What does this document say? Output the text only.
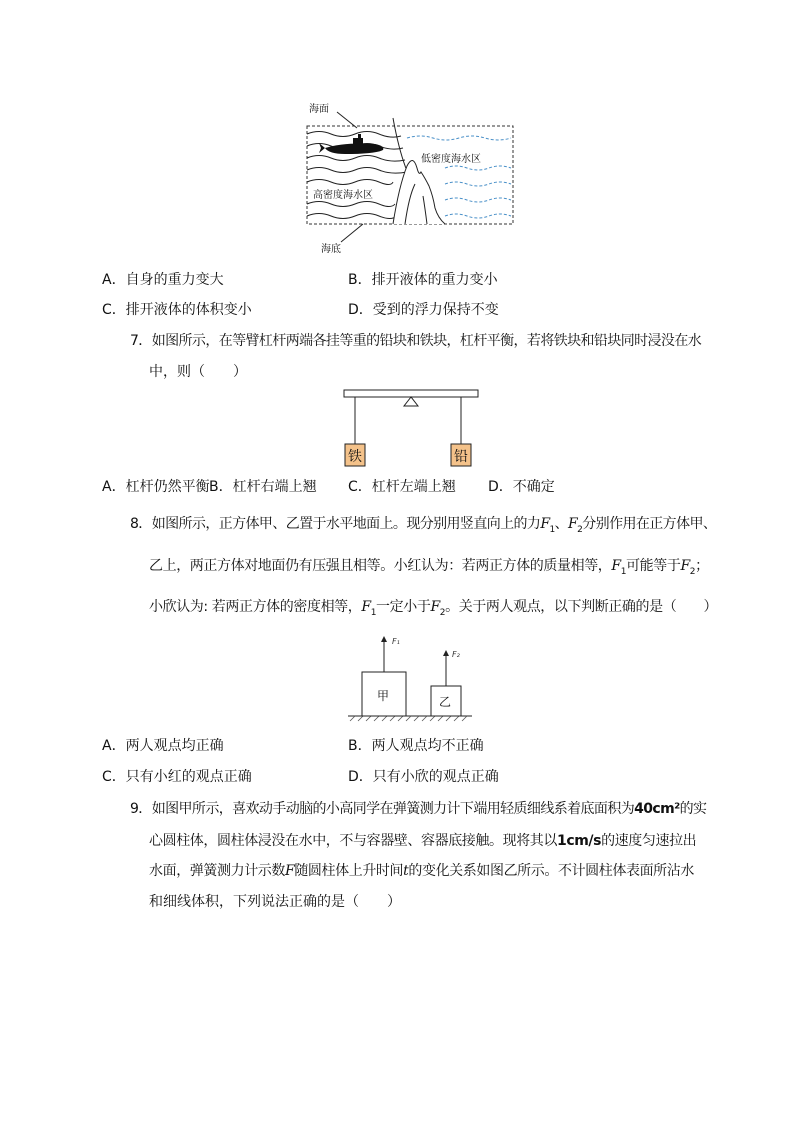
海面
海底
低密度海水区
高密度海水区
A．自身的重力变大	B．排开液体的重力变小
C．排开液体的体积变小	D．受到的浮力保持不变
7．如图所示，在等臂杠杆两端各挂等重的铅块和铁块，杠杆平衡，若将铁块和铅块同时浸没在水
中，则（　　）
铁	铅
A．杠杆仍然平衡 B．杠杆右端上翘 C．杠杆左端上翘 D．不确定
8．如图所示，正方体甲、乙置于水平地面上。现分别用竖直向上的力$F_1$、$F_2$分别作用在正方体甲、
乙上，两正方体对地面仍有压强且相等。小红认为：若两正方体的质量相等，$F_1$可能等于$F_2$；
小欣认为: 若两正方体的密度相等，$F_1$一定小于$F_2$。关于两人观点，以下判断正确的是（　　）
甲	乙
F₁
F₂
A．两人观点均正确	B．两人观点均不正确
C．只有小红的观点正确	D．只有小欣的观点正确
9．如图甲所示，喜欢动手动脑的小高同学在弹簧测力计下端用轻质细线系着底面积为40cm²的实
心圆柱体，圆柱体浸没在水中，不与容器壁、容器底接触。现将其以1cm/s的速度匀速拉出
水面，弹簧测力计示数F随圆柱体上升时间t的变化关系如图乙所示。不计圆柱体表面所沾水
和细线体积，下列说法正确的是（　　）
